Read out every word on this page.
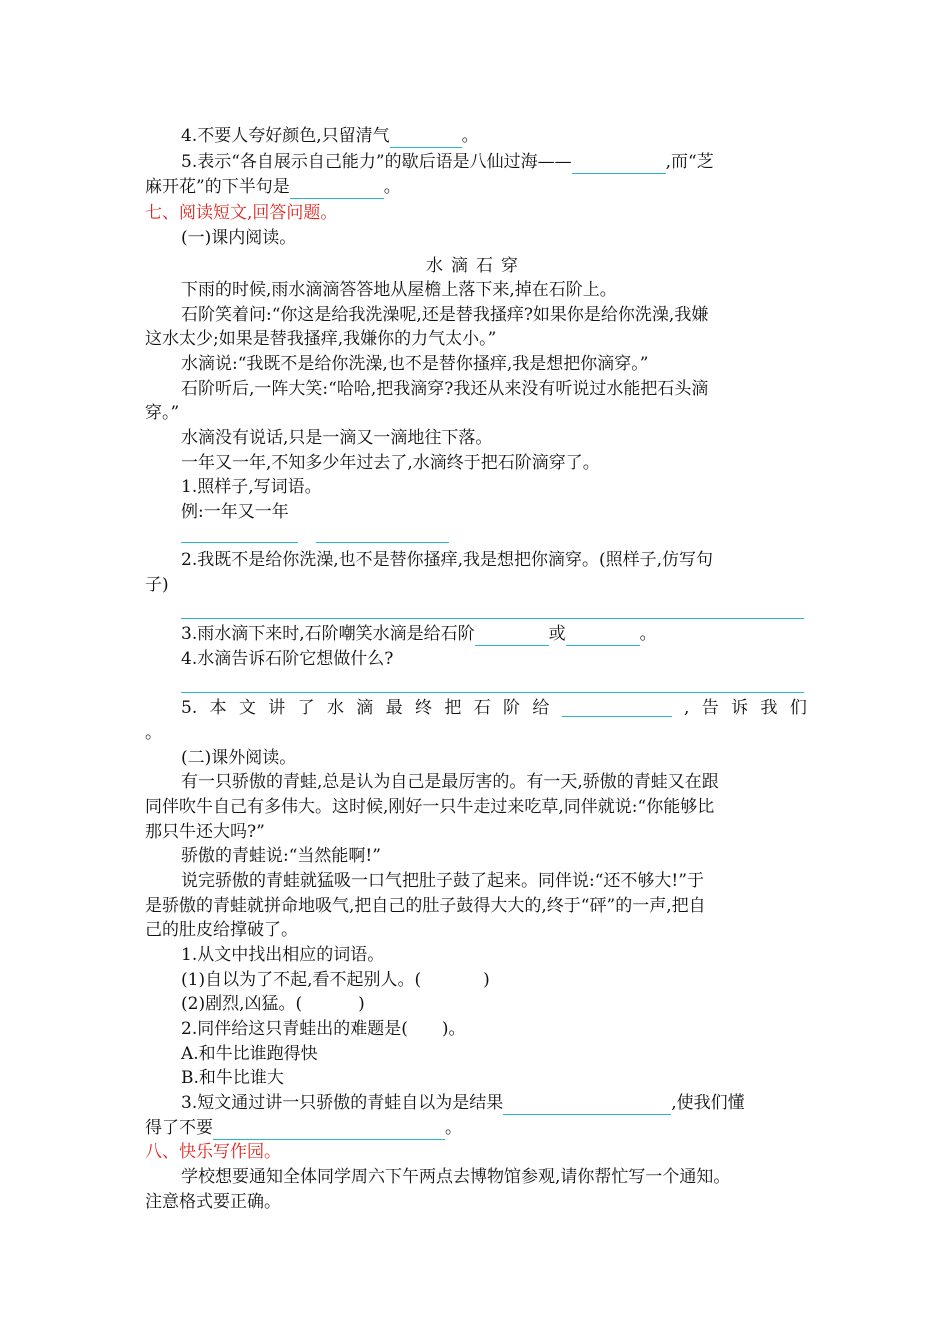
4.不要人夸好颜色,只留清气	。
5.表示“各自展示自己能力”的歇后语是八仙过海——	,而“芝
麻开花”的下半句是	。
七、阅读短文,回答问题。
(一)课内阅读。
水滴石穿
下雨的时候,雨水滴滴答答地从屋檐上落下来,掉在石阶上。
石阶笑着问:“你这是给我洗澡呢,还是替我搔痒?如果你是给你洗澡,我嫌
这水太少;如果是替我搔痒,我嫌你的力气太小。”
水滴说:“我既不是给你洗澡,也不是替你搔痒,我是想把你滴穿。”
石阶听后,一阵大笑:“哈哈,把我滴穿?我还从来没有听说过水能把石头滴
穿。”
水滴没有说话,只是一滴又一滴地往下落。
一年又一年,不知多少年过去了,水滴终于把石阶滴穿了。
1.照样子,写词语。
例:一年又一年
2.我既不是给你洗澡,也不是替你搔痒,我是想把你滴穿。(照样子,仿写句
子)
3.雨水滴下来时,石阶嘲笑水滴是给石阶	或	。
4.水滴告诉石阶它想做什么?
5. 本 文 讲 了 水 滴 最 终 把 石 阶 给	, 告 诉 我 们
。
(二)课外阅读。
有一只骄傲的青蛙,总是认为自己是最厉害的。有一天,骄傲的青蛙又在跟
同伴吹牛自己有多伟大。这时候,刚好一只牛走过来吃草,同伴就说:“你能够比
那只牛还大吗?”
骄傲的青蛙说:“当然能啊!”
说完骄傲的青蛙就猛吸一口气把肚子鼓了起来。同伴说:“还不够大!”于
是骄傲的青蛙就拼命地吸气,把自己的肚子鼓得大大的,终于“砰”的一声,把自
己的肚皮给撑破了。
1.从文中找出相应的词语。
(1)自以为了不起,看不起别人。(	)
(2)剧烈,凶猛。(	)
2.同伴给这只青蛙出的难题是( )。
A.和牛比谁跑得快
B.和牛比谁大
3.短文通过讲一只骄傲的青蛙自以为是结果	,使我们懂
得了不要	。
八、快乐写作园。
学校想要通知全体同学周六下午两点去博物馆参观,请你帮忙写一个通知。
注意格式要正确。
